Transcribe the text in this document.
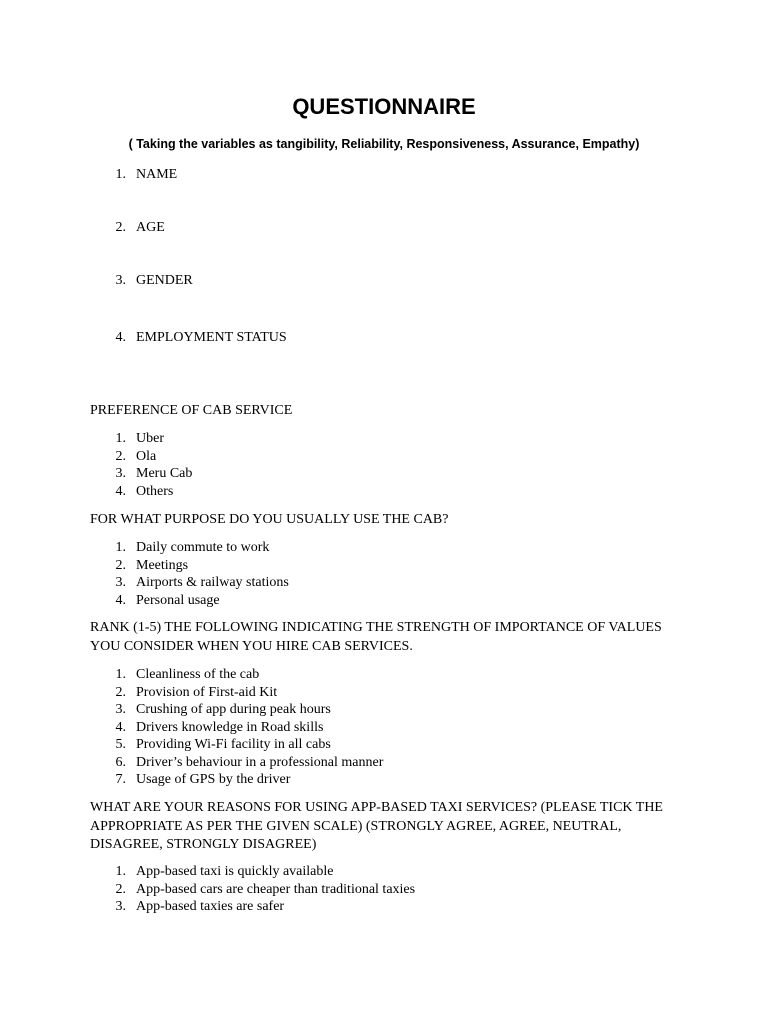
QUESTIONNAIRE

( Taking the variables as tangibility, Reliability, Responsiveness, Assurance, Empathy)

1. NAME
2. AGE
3. GENDER
4. EMPLOYMENT STATUS

PREFERENCE OF CAB SERVICE

1. Uber
2. Ola
3. Meru Cab
4. Others

FOR WHAT PURPOSE DO YOU USUALLY USE THE CAB?

1. Daily commute to work
2. Meetings
3. Airports & railway stations
4. Personal usage

RANK (1-5) THE FOLLOWING INDICATING THE STRENGTH OF IMPORTANCE OF VALUES

YOU CONSIDER WHEN YOU HIRE CAB SERVICES.

1. Cleanliness of the cab
2. Provision of First-aid Kit
3. Crushing of app during peak hours
4. Drivers knowledge in Road skills
5. Providing Wi-Fi facility in all cabs
6. Driver’s behaviour in a professional manner
7. Usage of GPS by the driver

WHAT ARE YOUR REASONS FOR USING APP-BASED TAXI SERVICES? (PLEASE TICK THE

APPROPRIATE AS PER THE GIVEN SCALE) (STRONGLY AGREE, AGREE, NEUTRAL,

DISAGREE, STRONGLY DISAGREE)

1. App-based taxi is quickly available
2. App-based cars are cheaper than traditional taxies
3. App-based taxies are safer
